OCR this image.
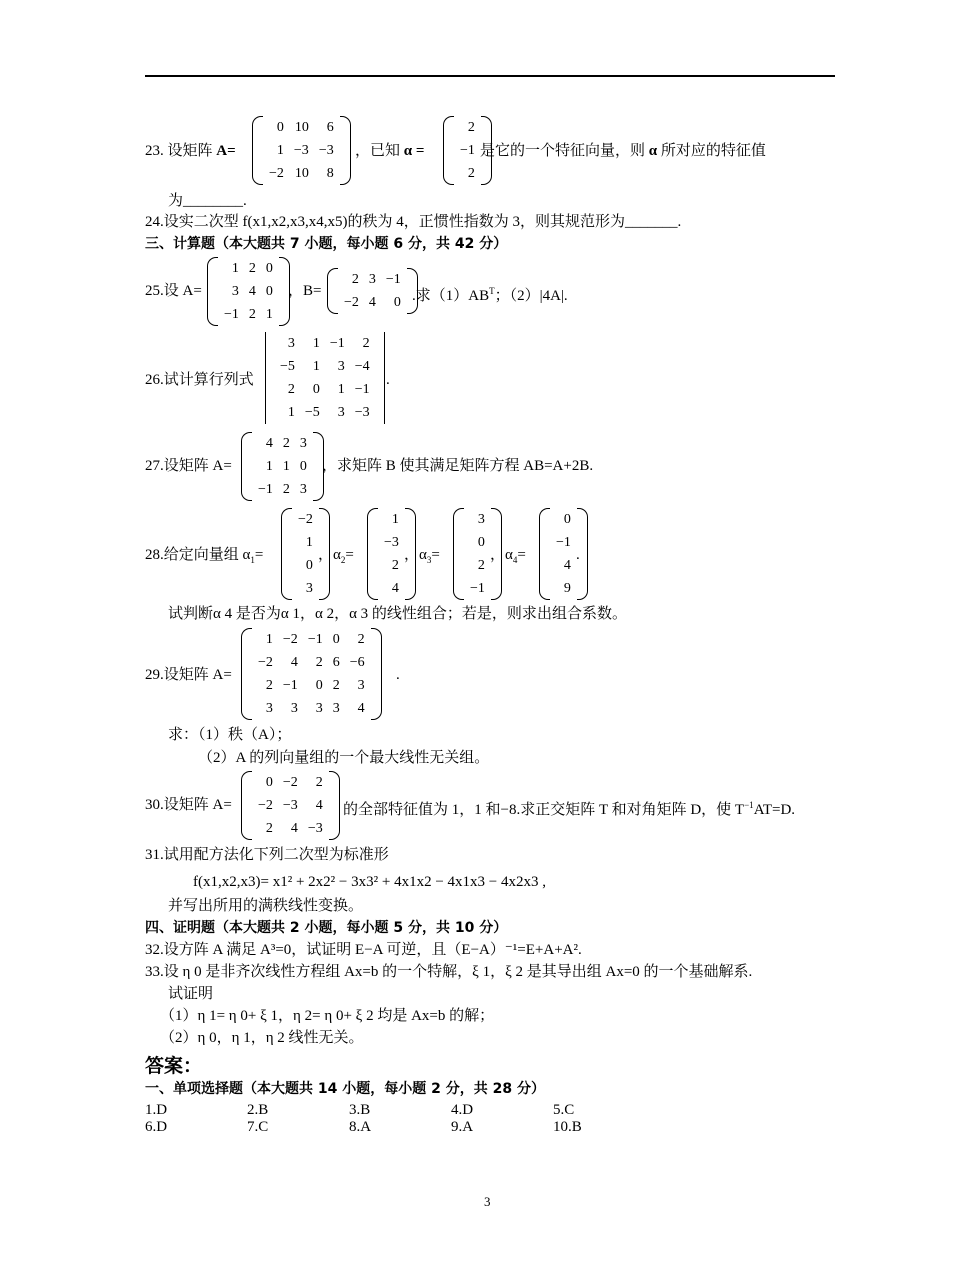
23. 设矩阵 A=
0	10	6
1	−3	−3
−2	10	8
，已知 α =
2
−1
2
是它的一个特征向量，则 α 所对应的特征值
为________.
24.设实二次型 f(x1,x2,x3,x4,x5)的秩为 4，正惯性指数为 3，则其规范形为_______.
三、计算题（本大题共 7 小题，每小题 6 分，共 42 分）
25.设 A=
1	2	0
3	4	0
−1	2	1
，B=
2	3	−1
−2	4	0 .求$(1)AB^T$；（2）|4A|.
26.试计算行列式
3	1	−1	2
−5	1	3	−4
2	0	1	−1
1	−5	3	−3
.
27.设矩阵 A=
4	2	3
1	1	0
−1	2	3
，求矩阵 B 使其满足矩阵方程 AB=A+2B.
28.给定向量组 $\alpha_1=$
−2
1
0
3
，$\alpha_2=$
1
−3
2
4
，$\alpha_3=$
3
0
2
−1
，$\alpha_4=$
0
−1
4
9
.
试判断α 4 是否为α 1，α 2，α 3 的线性组合；若是，则求出组合系数。
29.设矩阵 A=
1	−2	−1	0	2
−2	4	2	6	−6
2	−1	0	2	3
3	3	3	3	4
.
求：（1）秩（A）；
（2）A 的列向量组的一个最大线性无关组。
30.设矩阵 A=
0	−2	2
−2	−3	4
2	4	−3
的全部特征值为 1，1 和−8.求正交矩阵 T 和对角矩阵 D，使 $T^{-1}AT=D$.
31.试用配方法化下列二次型为标准形
f(x1,x2,x3)= x1² + 2x2² − 3x3² + 4x1x2 − 4x1x3 − 4x2x3 ,
并写出所用的满秩线性变换。
四、证明题（本大题共 2 小题，每小题 5 分，共 10 分）
32.设方阵 A 满足 A³=0，试证明 E−A 可逆，且（E−A）⁻¹=E+A+A².
33.设 η 0 是非齐次线性方程组 Ax=b 的一个特解，ξ 1，ξ 2 是其导出组 Ax=0 的一个基础解系.
试证明
（1）η 1= η 0+ ξ 1，η 2= η 0+ ξ 2 均是 Ax=b 的解；
（2）η 0，η 1，η 2 线性无关。
答案：
一、单项选择题（本大题共 14 小题，每小题 2 分，共 28 分）
1.D	2.B	3.B	4.D	5.C
6.D	7.C	8.A	9.A	10.B
3
